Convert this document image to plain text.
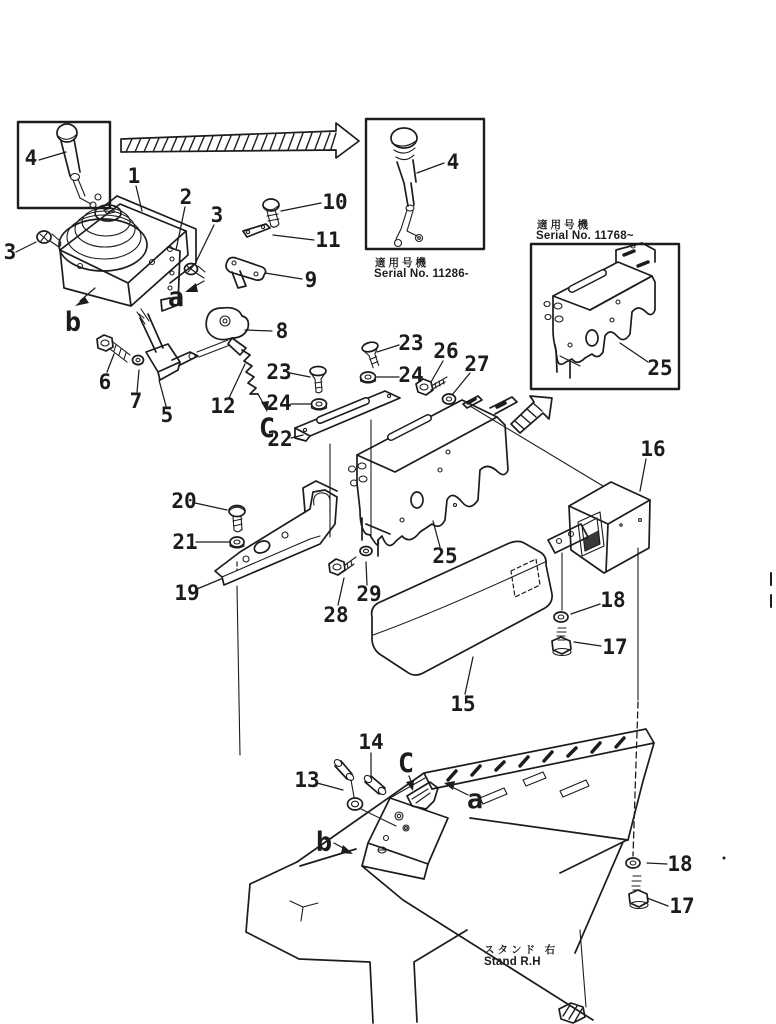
適用号機
Serial No. 11286-
適用号機
Serial No. 11768~
1
2
3
3
4	4
5
6
7
8
9
10
11
12
13
14
15
16
17
17
18
18
19
20
21
22
23
23
24
24	25
25
26
27
28
29
a
b
C
C
a
b
スタンド 右
Stand R.H
